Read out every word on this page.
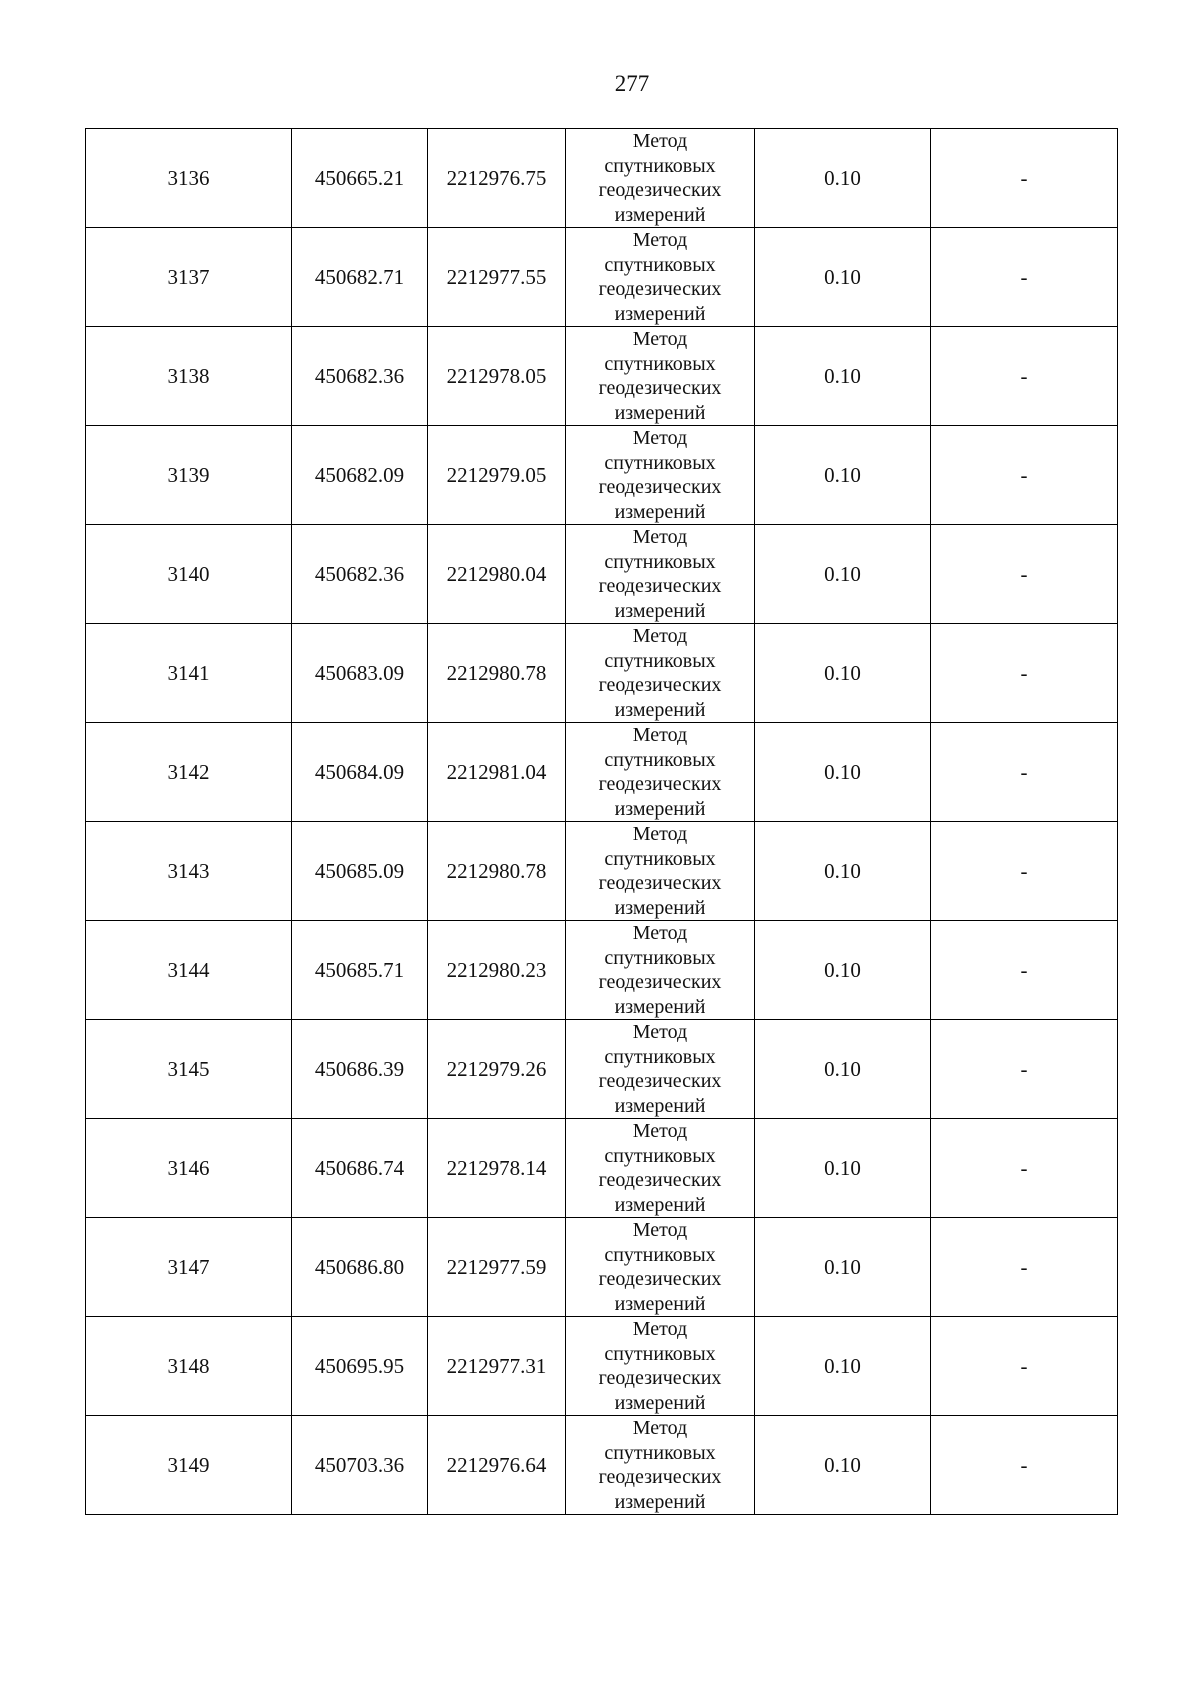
277
3136	450665.21	2212976.75	Метод
спутниковых
геодезических
измерений	0.10	-
3137	450682.71	2212977.55	Метод
спутниковых
геодезических
измерений	0.10	-
3138	450682.36	2212978.05	Метод
спутниковых
геодезических
измерений	0.10	-
3139	450682.09	2212979.05	Метод
спутниковых
геодезических
измерений	0.10	-
3140	450682.36	2212980.04	Метод
спутниковых
геодезических
измерений	0.10	-
3141	450683.09	2212980.78	Метод
спутниковых
геодезических
измерений	0.10	-
3142	450684.09	2212981.04	Метод
спутниковых
геодезических
измерений	0.10	-
3143	450685.09	2212980.78	Метод
спутниковых
геодезических
измерений	0.10	-
3144	450685.71	2212980.23	Метод
спутниковых
геодезических
измерений	0.10	-
3145	450686.39	2212979.26	Метод
спутниковых
геодезических
измерений	0.10	-
3146	450686.74	2212978.14	Метод
спутниковых
геодезических
измерений	0.10	-
3147	450686.80	2212977.59	Метод
спутниковых
геодезических
измерений	0.10	-
3148	450695.95	2212977.31	Метод
спутниковых
геодезических
измерений	0.10	-
3149	450703.36	2212976.64	Метод
спутниковых
геодезических
измерений	0.10	-
